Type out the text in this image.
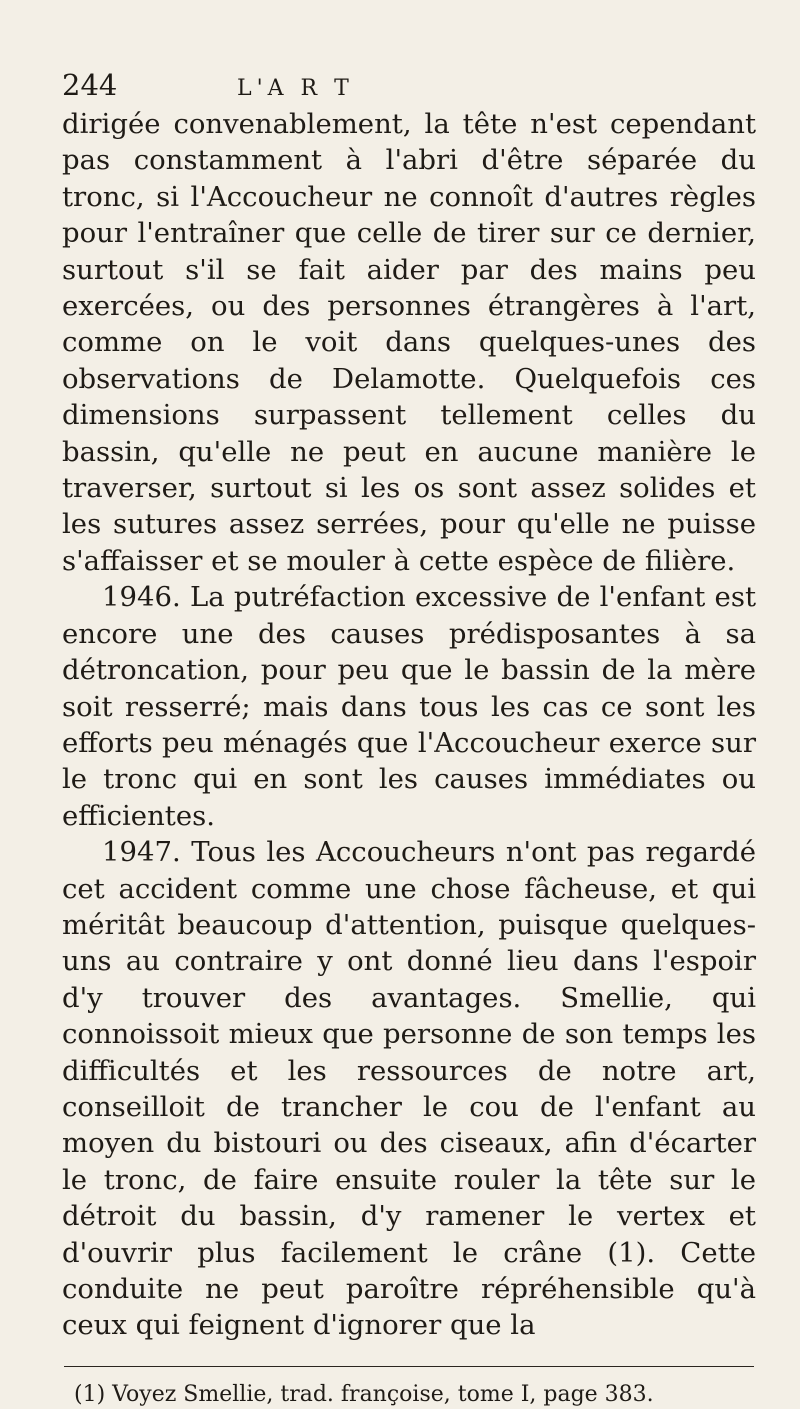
244	L'A R T

dirigée convenablement, la tête n'est cependant pas constamment à l'abri d'être séparée du tronc, si l'Accoucheur ne connoît d'autres règles pour l'entraîner que celle de tirer sur ce dernier, surtout s'il se fait aider par des mains peu exercées, ou des personnes étrangères à l'art, comme on le voit dans quelques-unes des observations de Delamotte. Quelquefois ces dimensions surpassent tellement celles du bassin, qu'elle ne peut en aucune manière le traverser, surtout si les os sont assez solides et les sutures assez serrées, pour qu'elle ne puisse s'affaisser et se mouler à cette espèce de filière.

1946. La putréfaction excessive de l'enfant est encore une des causes prédisposantes à sa détroncation, pour peu que le bassin de la mère soit resserré; mais dans tous les cas ce sont les efforts peu ménagés que l'Accoucheur exerce sur le tronc qui en sont les causes immédiates ou efficientes.

1947. Tous les Accoucheurs n'ont pas regardé cet accident comme une chose fâcheuse, et qui méritât beaucoup d'attention, puisque quelques-uns au contraire y ont donné lieu dans l'espoir d'y trouver des avantages. Smellie, qui connoissoit mieux que personne de son temps les difficultés et les ressources de notre art, conseilloit de trancher le cou de l'enfant au moyen du bistouri ou des ciseaux, afin d'écarter le tronc, de faire ensuite rouler la tête sur le détroit du bassin, d'y ramener le vertex et d'ouvrir plus facilement le crâne (1). Cette conduite ne peut paroître répréhensible qu'à ceux qui feignent d'ignorer que la

(1) Voyez Smellie, trad. françoise, tome I, page 383.
